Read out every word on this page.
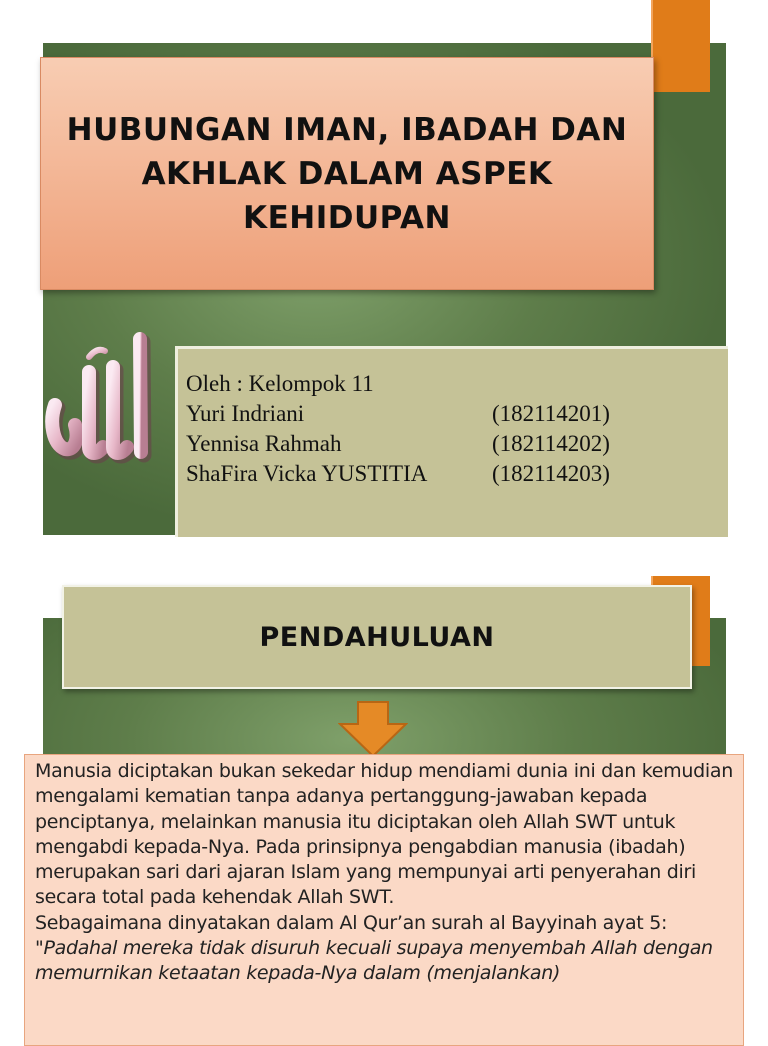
HUBUNGAN IMAN, IBADAH DAN AKHLAK DALAM ASPEK KEHIDUPAN
Oleh : Kelompok 11
Yuri Indriani	(182114201)
Yennisa Rahmah	(182114202)
ShaFira Vicka YUSTITIA	(182114203)
PENDAHULUAN

Manusia diciptakan bukan sekedar hidup mendiami dunia ini dan kemudian mengalami kematian tanpa adanya pertanggung-jawaban kepada penciptanya, melainkan manusia itu diciptakan oleh Allah SWT untuk mengabdi kepada-Nya. Pada prinsipnya pengabdian manusia (ibadah) merupakan sari dari ajaran Islam yang mempunyai arti penyerahan diri secara total pada kehendak Allah SWT.

Sebagaimana dinyatakan dalam Al Qur’an surah al Bayyinah ayat 5:

"Padahal mereka tidak disuruh kecuali supaya menyembah Allah dengan memurnikan ketaatan kepada-Nya dalam (menjalankan)
